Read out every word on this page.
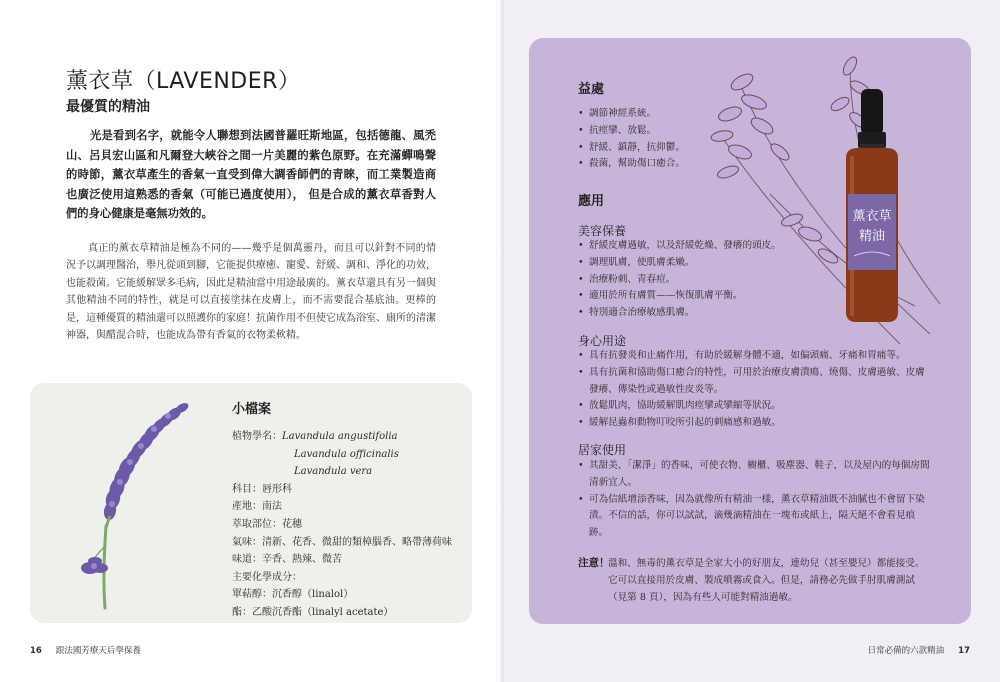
薰衣草（LAVENDER）
最優質的精油

光是看到名字，就能令人聯想到法國普羅旺斯地區，包括德龍、風禿山、呂貝宏山區和凡爾登大峽谷之間一片美麗的紫色原野。在充滿蟬鳴聲的時節，薰衣草產生的香氣一直受到偉大調香師們的青睞，而工業製造商也廣泛使用這熟悉的香氣（可能已過度使用）， 但是合成的薰衣草香對人們的身心健康是毫無功效的。

真正的薰衣草精油是極為不同的——幾乎是個萬靈丹，而且可以針對不同的情況予以調理醫治，舉凡從頭到腳，它能提供療癒、寵愛、舒緩、調和、淨化的功效，也能殺菌。它能緩解眾多毛病，因此是精油當中用途最廣的。薰衣草還具有另一個與其他精油不同的特性，就是可以直接塗抹在皮膚上，而不需要混合基底油。更棒的是，這種優質的精油還可以照護你的家庭！抗菌作用不但使它成為浴室、廁所的清潔神器，與醋混合時，也能成為帶有香氣的衣物柔軟精。

小檔案
植物學名：Lavandula angustifolia
Lavandula officinalis
Lavandula vera
科目：唇形科
產地：南法
萃取部位：花穗
氣味：清新、花香、微甜的類樟腦香、略帶薄荷味
味道：辛香、熱辣、微苦
主要化學成分：
單萜醇：沉香醇（linalol）
酯：乙酸沉香酯（linalyl acetate）
16 跟法國芳療天后學保養
薰衣草
精油
益處
• 調節神經系統。
• 抗痙攣、放鬆。
• 舒緩、鎮靜，抗抑鬱。
• 殺菌，幫助傷口癒合。
應用
美容保養
• 舒緩皮膚過敏，以及舒緩乾燥、發癢的頭皮。
• 調理肌膚，使肌膚柔嫩。
• 治療粉刺、青春痘。
• 適用於所有膚質——恢復肌膚平衡。
• 特別適合治療敏感肌膚。
身心用途
• 具有抗發炎和止痛作用，有助於緩解身體不適，如偏頭痛、牙痛和胃痛等。
• 具有抗菌和協助傷口癒合的特性，可用於治療皮膚潰瘍、燒傷、皮膚過敏、皮膚發癢、傳染性或過敏性皮炎等。
• 放鬆肌肉，協助緩解肌肉痙攣或攣縮等狀況。
• 緩解昆蟲和動物叮咬所引起的刺痛感和過敏。
居家使用
• 其甜美、「潔淨」的香味，可使衣物、櫥櫃、吸塵器、鞋子，以及屋內的每個房間清新宜人。
• 可為信紙增添香味，因為就像所有精油一樣，薰衣草精油既不油膩也不會留下染漬。不信的話，你可以試試，滴幾滴精油在一塊布或紙上，隔天絕不會看見痕跡。
注意！
溫和、無毒的薰衣草是全家大小的好朋友，連幼兒（甚至嬰兒）都能接受。它可以直接用於皮膚、製成噴霧或食入。但是，請務必先做手肘肌膚測試（見第 8 頁），因為有些人可能對精油過敏。
日常必備的六款精油 17
